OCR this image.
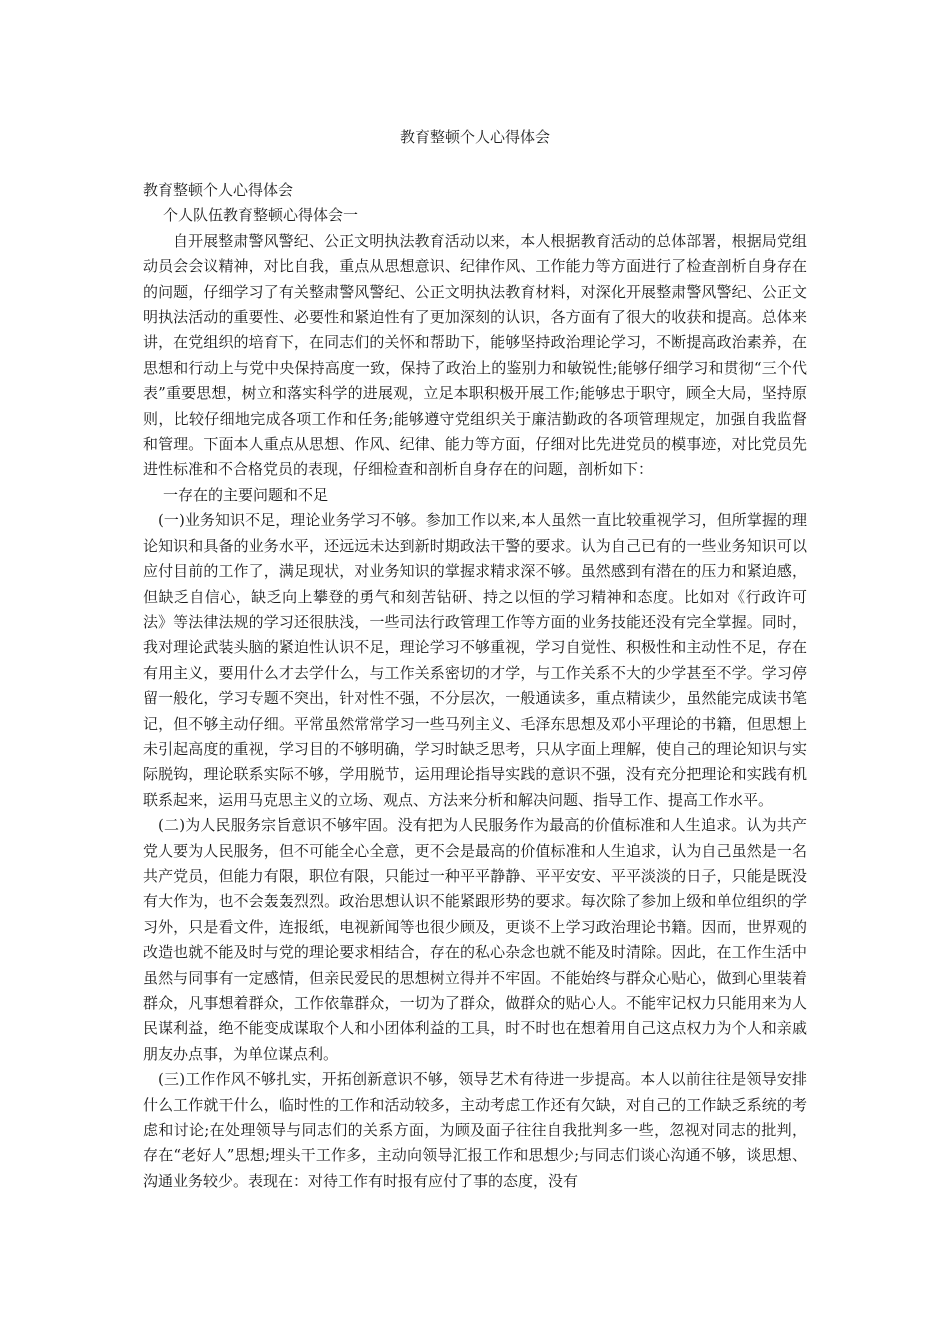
教育整顿个人心得体会

教育整顿个人心得体会

个人队伍教育整顿心得体会一

自开展整肃警风警纪、公正文明执法教育活动以来，本人根据教育活动的总体部署，根据局党组动员会会议精神，对比自我，重点从思想意识、纪律作风、工作能力等方面进行了检查剖析自身存在的问题，仔细学习了有关整肃警风警纪、公正文明执法教育材料，对深化开展整肃警风警纪、公正文明执法活动的重要性、必要性和紧迫性有了更加深刻的认识，各方面有了很大的收获和提高。总体来讲，在党组织的培育下，在同志们的关怀和帮助下，能够坚持政治理论学习，不断提高政治素养，在思想和行动上与党中央保持高度一致，保持了政治上的鉴别力和敏锐性;能够仔细学习和贯彻“三个代表”重要思想，树立和落实科学的进展观，立足本职积极开展工作;能够忠于职守，顾全大局，坚持原则，比较仔细地完成各项工作和任务;能够遵守党组织关于廉洁勤政的各项管理规定，加强自我监督和管理。下面本人重点从思想、作风、纪律、能力等方面，仔细对比先进党员的模事迹，对比党员先进性标准和不合格党员的表现，仔细检查和剖析自身存在的问题，剖析如下：

一存在的主要问题和不足

(一)业务知识不足，理论业务学习不够。参加工作以来,本人虽然一直比较重视学习，但所掌握的理论知识和具备的业务水平，还远远未达到新时期政法干警的要求。认为自己已有的一些业务知识可以应付目前的工作了，满足现状，对业务知识的掌握求精求深不够。虽然感到有潜在的压力和紧迫感，但缺乏自信心，缺乏向上攀登的勇气和刻苦钻研、持之以恒的学习精神和态度。比如对《行政许可法》等法律法规的学习还很肤浅，一些司法行政管理工作等方面的业务技能还没有完全掌握。同时，我对理论武装头脑的紧迫性认识不足，理论学习不够重视，学习自觉性、积极性和主动性不足，存在有用主义，要用什么才去学什么，与工作关系密切的才学，与工作关系不大的少学甚至不学。学习停留一般化，学习专题不突出，针对性不强，不分层次，一般通读多，重点精读少，虽然能完成读书笔记，但不够主动仔细。平常虽然常常学习一些马列主义、毛泽东思想及邓小平理论的书籍，但思想上未引起高度的重视，学习目的不够明确，学习时缺乏思考，只从字面上理解，使自己的理论知识与实际脱钩，理论联系实际不够，学用脱节，运用理论指导实践的意识不强，没有充分把理论和实践有机联系起来，运用马克思主义的立场、观点、方法来分析和解决问题、指导工作、提高工作水平。

(二)为人民服务宗旨意识不够牢固。没有把为人民服务作为最高的价值标准和人生追求。认为共产党人要为人民服务，但不可能全心全意，更不会是最高的价值标准和人生追求，认为自己虽然是一名共产党员，但能力有限，职位有限，只能过一种平平静静、平平安安、平平淡淡的日子，只能是既没有大作为，也不会轰轰烈烈。政治思想认识不能紧跟形势的要求。每次除了参加上级和单位组织的学习外，只是看文件，连报纸，电视新闻等也很少顾及，更谈不上学习政治理论书籍。因而，世界观的改造也就不能及时与党的理论要求相结合，存在的私心杂念也就不能及时清除。因此，在工作生活中虽然与同事有一定感情，但亲民爱民的思想树立得并不牢固。不能始终与群众心贴心，做到心里装着群众，凡事想着群众，工作依靠群众，一切为了群众，做群众的贴心人。不能牢记权力只能用来为人民谋利益，绝不能变成谋取个人和小团体利益的工具，时不时也在想着用自己这点权力为个人和亲戚朋友办点事，为单位谋点利。

(三)工作作风不够扎实，开拓创新意识不够，领导艺术有待进一步提高。本人以前往往是领导安排什么工作就干什么，临时性的工作和活动较多，主动考虑工作还有欠缺，对自己的工作缺乏系统的考虑和讨论;在处理领导与同志们的关系方面，为顾及面子往往自我批判多一些，忽视对同志的批判，存在“老好人”思想;埋头干工作多，主动向领导汇报工作和思想少;与同志们谈心沟通不够，谈思想、沟通业务较少。表现在：对待工作有时报有应付了事的态度，没有
